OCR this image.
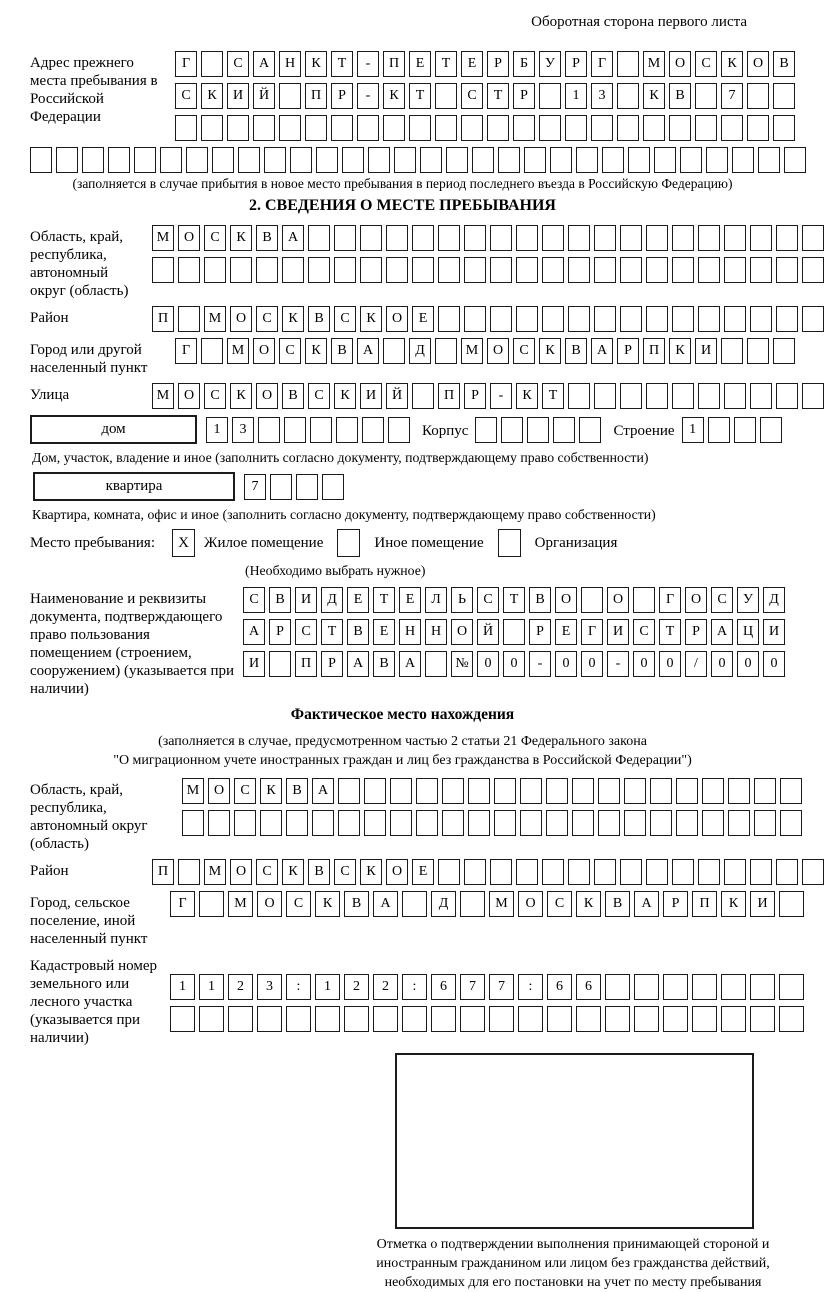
Оборотная сторона первого листа
Адрес прежнего места пребывания в Российской Федерации
Г	С	А	Н	К	Т	-	П	Е	Т	Е	Р	Б	У	Р	Г	М	О	С	К	О	В
С	К	И	Й	П	Р	-	К	Т	С	Т	Р	1	3	К	В	7
(заполняется в случае прибытия в новое место пребывания в период последнего въезда в Российскую Федерацию)
2. СВЕДЕНИЯ О МЕСТЕ ПРЕБЫВАНИЯ
Область, край, республика, автономный округ (область)
М	О	С	К	В	А
Район	П	М	О	С	К	В	С	К	О	Е
Город или другой населенный пункт
Г	М	О	С	К	В	А	Д	М	О	С	К	В	А	Р	П	К	И
Улица	М	О	С	К	О	В	С	К	И	Й	П	Р	-	К	Т
дом	1	3	Корпус	Строение	1
Дом, участок, владение и иное (заполнить согласно документу, подтверждающему право собственности)
квартира	7
Квартира, комната, офис и иное (заполнить согласно документу, подтверждающему право собственности)
Место пребывания:	X	Жилое помещение	Иное помещение	Организация
(Необходимо выбрать нужное)
Наименование и реквизиты документа, подтверждающего право пользования помещением (строением, сооружением) (указывается при наличии)
С	В	И	Д	Е	Т	Е	Л	Ь	С	Т	В	О	О	Г	О	С	У	Д
А	Р	С	Т	В	Е	Н	Н	О	Й	Р	Е	Г	И	С	Т	Р	А	Ц	И
И	П	Р	А	В	А	№	0	0	-	0	0	-	0	0	/	0	0	0
Фактическое место нахождения
(заполняется в случае, предусмотренном частью 2 статьи 21 Федерального закона
"О миграционном учете иностранных граждан и лиц без гражданства в Российской Федерации")
Область, край, республика, автономный округ (область)
М	О	С	К	В	А
Район	П	М	О	С	К	В	С	К	О	Е
Город, сельское поселение, иной населенный пункт
Г	М	О	С	К	В	А	Д	М	О	С	К	В	А	Р	П	К	И
Кадастровый номер земельного или лесного участка (указывается при наличии)
1	1	2	3	:	1	2	2	:	6	7	7	:	6	6
Отметка о подтверждении выполнения принимающей стороной и иностранным гражданином или лицом без гражданства действий, необходимых для его постановки на учет по месту пребывания
